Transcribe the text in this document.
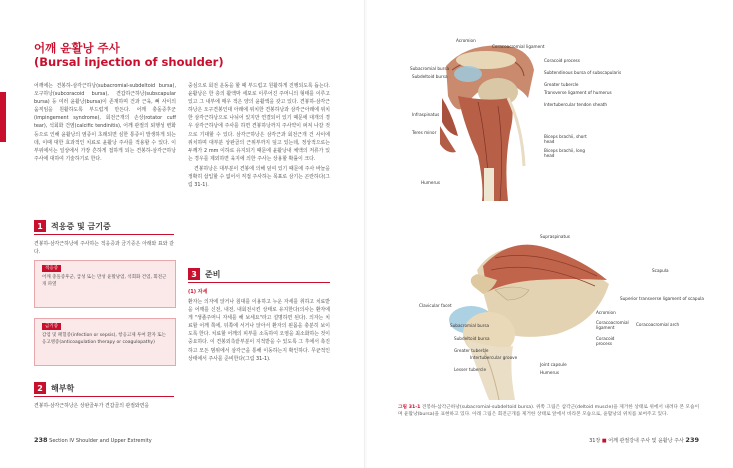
어깨 윤활낭 주사
(Bursal injection of shoulder)
어깨에는 견봉하-삼각근하낭(subacromial-subdeltoid bursa), 오구하낭(subcoracoid bursa), 견갑하근하낭(subscapular bursa) 등 여러 윤활낭(bursa)이 존재하며 건과 근육, 뼈 사이의 움직임을 원활하도록 부드럽게 만든다. 어깨 충돌증후군(impingement syndrome), 회전근개의 손상(rotator cuff tear), 석회화 건염(calcific tendinitis), 어깨 관절의 퇴행성 변화 등으로 인해 윤활낭의 염증이 초래되면 심한 통증이 발생하게 되는데, 이때 대한 효과적인 치료로 윤활낭 주사를 적용할 수 있다. 이 부위에서는 일상에서 가장 흔하게 접하게 되는 견봉하-삼각근하낭 주사에 대하여 기술하기로 한다.
1	적응증 및 금기증
견봉하-삼각근하낭에 주사하는 적응증과 금기증은 아래와 표와 같다.
적응증
어깨 충돌증후군, 급성 또는 만성 윤활낭염, 석회화 건염, 회전근개 파열
금기증
감염 및 패혈증(infection or sepsis), 항응고제 투여 환자 또는 응고병증(anticoagulation therapy or coagulopathy)
2	해부학
견봉하-삼각근하낭은 상완골두가 견갑골의 관절와면을
중심으로 회전 운동을 할 때 부드럽고 원활하게 진행되도록 돕는다. 윤활낭은 한 층의 활액막 세포로 이루어진 주머니의 형태를 이루고 있고 그 내부에 매우 적은 양의 윤활액을 갖고 있다. 견봉하-삼각근하낭은 오구견봉인대 아래에 위치한 견봉하낭과 삼각근아래에 위치한 삼각근하낭으로 나뉘어 있지만 연결되어 있기 때문에 대개의 경우 삼각근하낭에 주사를 하면 견봉하낭까지 주사약이 퍼져 나갈 것으로 기대할 수 있다. 삼각근하낭은 삼각근과 회전근개 건 사이에 위치하며 대부분 상완골의 근위부까지 덮고 있는데, 정상적으로는 두께가 2 mm 이하로 유지되기 때문에 윤활낭내 체액의 저류가 있는 경우를 제외하면 육지에 의한 주사는 상용할 확률이 크다.
견봉하낭은 대부분이 견봉에 의해 덮여 있기 때문에 주사 바늘을 정확히 삽입할 수 없어서 직접 주사하는 목표로 삼기는 곤란하다(그림 31-1).
3	준비
(1) 자세
환자는 의자에 앉거나 침대를 이용하고 누운 자세를 취하고 치료받을 어깨를 신전, 내전, 내회전시킨 상태로 유지한다(의사는 환자에게 "생졸주머니 자세를 해 보세요"라고 설명하면 된다). 의자는 치료할 어깨 쪽에, 뒤쪽에 서거나 앉아서 환자의 왼몸을 충분히 보이도록 한다. 치료할 어깨의 피부를 소독하여 오염을 최소화하는 것이 중요하다. 이 견봉외측끝부분이 지적받을 수 있도록 그 후에서 촉진하고 모든 범위에서 삼각근을 통해 이동하는지 확인하다. 무균적인 상태에서 주사를 준비한다(그림 31-1).
238 Section IV Shoulder and Upper Extremity
Acromion
Coracoacromial ligament
Subacromial bursa
Subdeltoid bursa
Coracoid process
Subtendinous bursa of subscapularis
Greater tubercle
Transverse ligament of humerus
Intertubercular tendon sheath
Infraspinatus
Teres minor
Biceps brachii, short head
Biceps brachii, long head
Humerus
Supraspinatus
Scapula
Superior transverse ligament of scapula
Clavicular facet
Acromion
Coracoacromial ligament
Coracoacromial arch
Coracoid process
Subacromial bursa
Subdeltoid bursa
Greater tubercle
Intertubercular groove
Lesser tubercle
Joint capsule
Humerus
그림 31-1 견봉하-삼각근하낭(subacromial-subdeltoid bursa). 위쪽 그림은 삼각근(deltoid muscle)을 제거한 상태로 위에서 내려다 본 모습이며 윤활낭(bursa)을 표현하고 있다. 아래 그림은 회전근개를 제거한 상태로 앞에서 바라본 모습으로, 윤활낭의 위치를 보여주고 있다.
31장 ■ 어깨 관절강내 주사 및 윤활낭 주사 239
